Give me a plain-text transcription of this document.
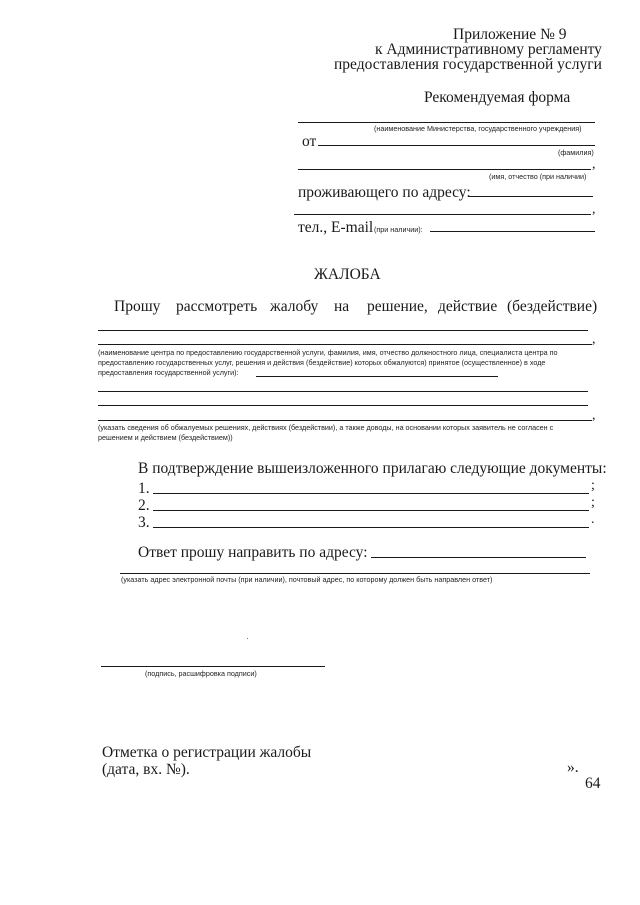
Приложение № 9
к Административному регламенту
предоставления государственной услуги
Рекомендуемая форма
(наименование Министерства, государственного учреждения)
от
(фамилия)
,
(имя, отчество (при наличии)
проживающего по адресу:
,
тел., E-mail (при наличии):
ЖАЛОБА
Прошу рассмотреть жалобу на решение, действие (бездействие)
,
(наименование центра по предоставлению государственной услуги, фамилия, имя, отчество должностного лица, специалиста центра по
предоставлению государственных услуг, решения и действия (бездействие) которых обжалуются) принятое (осуществленное) в ходе
предоставления государственной услуги):
,
(указать сведения об обжалуемых решениях, действиях (бездействии), а также доводы, на основании которых заявитель не согласен с
решением и действием (бездействием))
В подтверждение вышеизложенного прилагаю следующие документы:
1.	;
2.	;
3.	.
Ответ прошу направить по адресу:
(указать адрес электронной почты (при наличии), почтовый адрес, по которому должен быть направлен ответ)
(подпись, расшифровка подписи)
Отметка о регистрации жалобы
(дата, вх. №).	».
64
